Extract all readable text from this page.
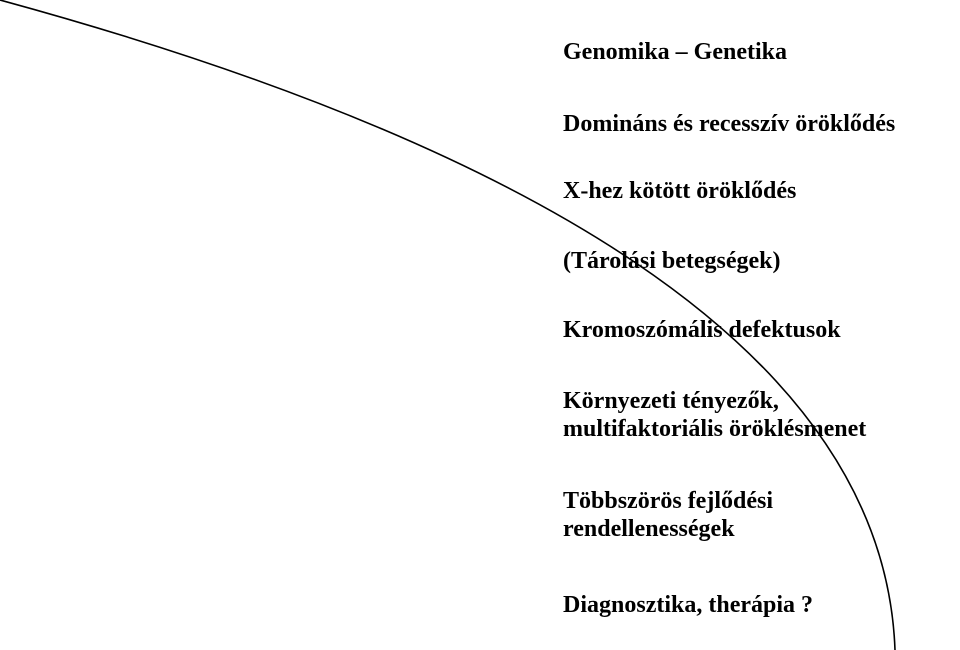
Genomika – Genetika
Domináns és recesszív öröklődés
X-hez kötött öröklődés
(Tárolási betegségek)
Kromoszómális defektusok
Környezeti tényezők,
multifaktoriális öröklésmenet
Többszörös fejlődési
rendellenességek
Diagnosztika, therápia ?
